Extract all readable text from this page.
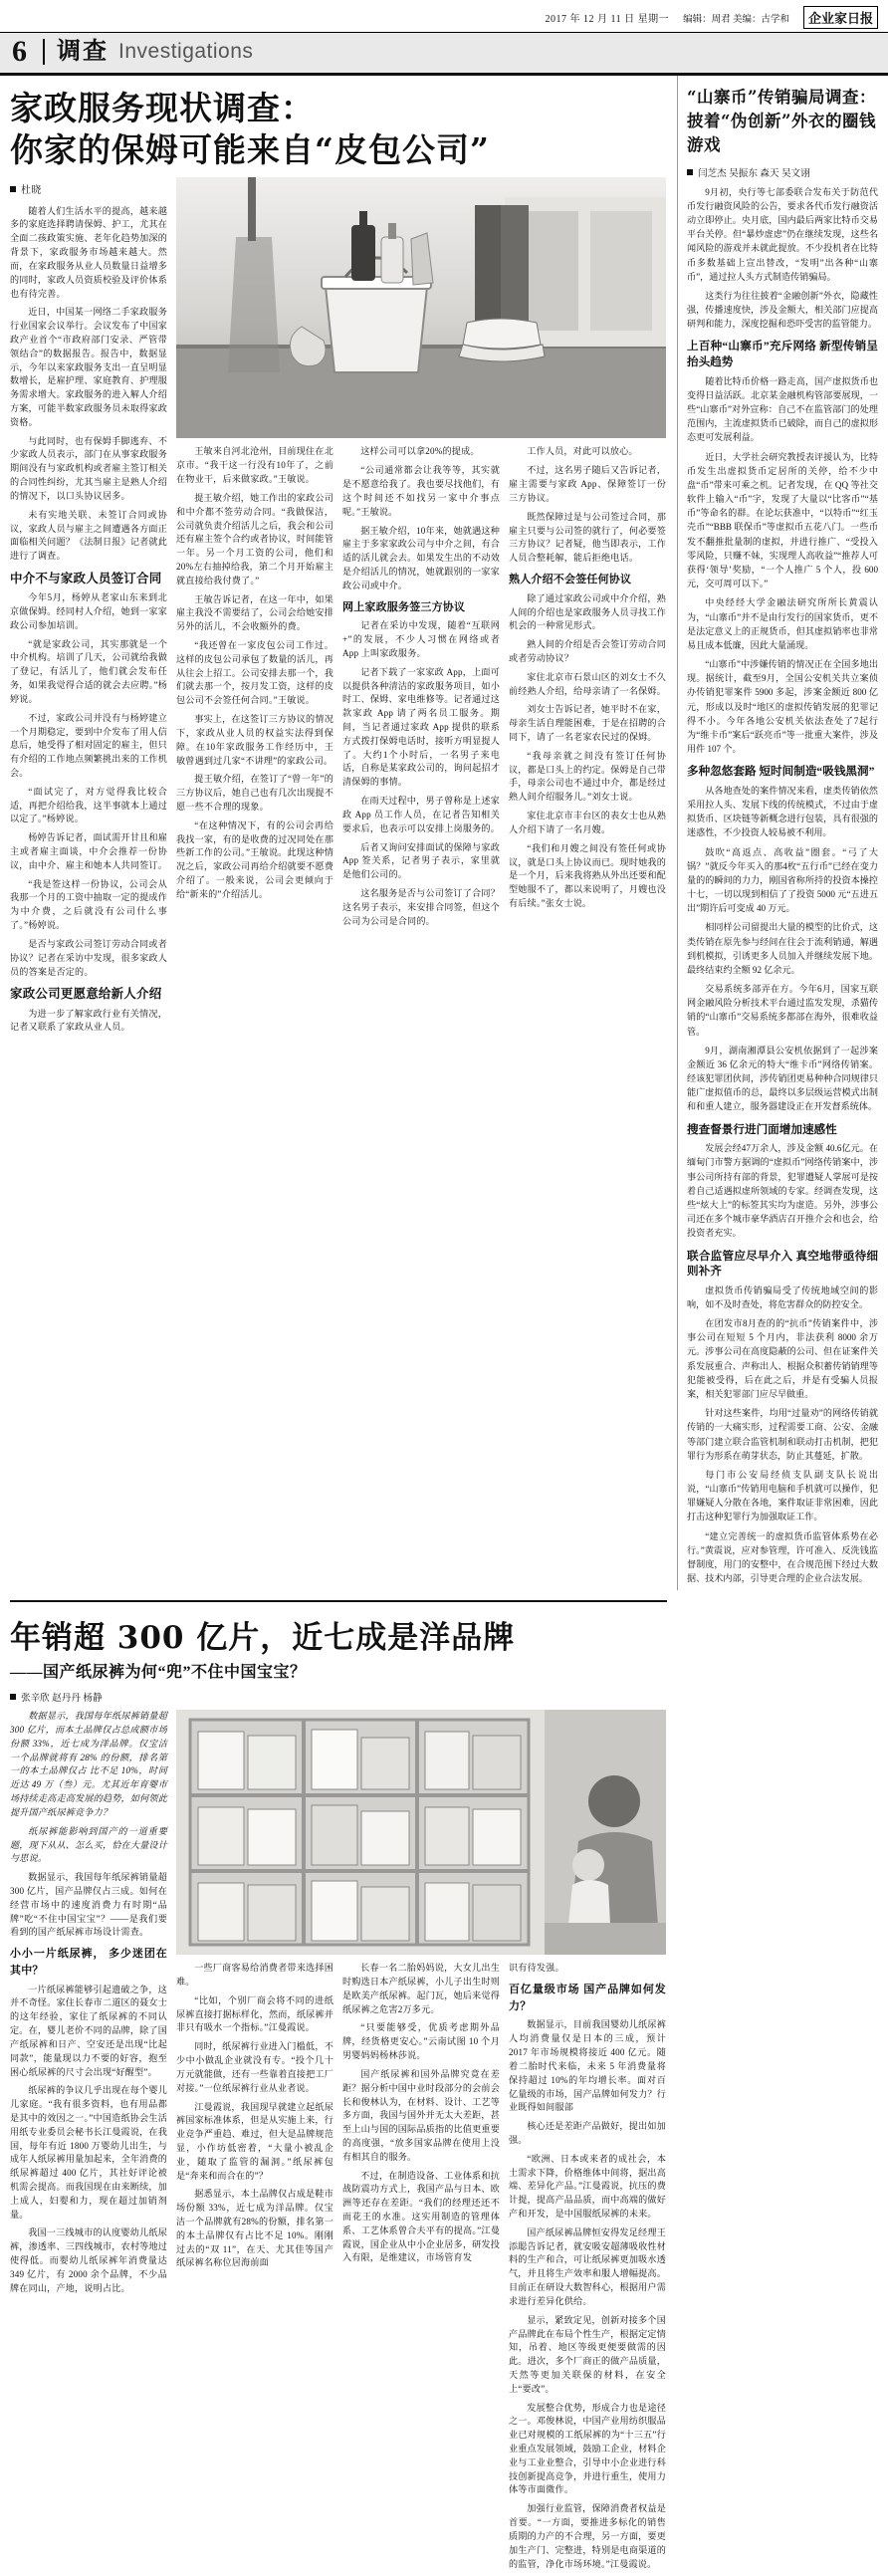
2017 年 12 月 11 日 星期一 编辑：周君 美编：古学和	企业家日报
6	调查 Investigations
家政服务现状调查：
你家的保姆可能来自“皮包公司”
杜晓

随着人们生活水平的提高，越来越多的家庭选择聘请保姆、护工，尤其在全面二孩政策实施、老年化趋势加深的背景下，家政服务市场越来越大。然而，在家政服务从业人员数量日益增多的同时，家政人员资质校验及评价体系也有待完善。

近日，中国某一网络二手家政服务行业国家会议举行。会议发布了中国家政产业首个“市政府部门安录、严管带领结合”的数据报告。报告中，数据显示，今年以来家政服务支出一直呈明显数增长，是雇护理、家庭教育、护理服务需求增大。家政服务的进入解人介绍方案，可能半数家政服务员未取得家政资格。

与此同时，也有保姆手脚逃弃、不少家政人员表示，部门在从事家政服务期间没有与家政机构或者雇主签订相关的合同性纠纷，尤其当雇主是熟人介绍的情况下，以口头协议居多。

未有实地关联、未签订合同或协议，家政人员与雇主之间遭遇各方面正面临相关问题？《法制日报》记者就此进行了调查。

中介不与家政人员签订合同

今年5月，杨婷从老家山东来到北京做保姆。经同村人介绍，她到一家家政公司参加培训。

“就是家政公司，其实那就是一个中介机构。培训了几天，公司就给我做了登记，有活儿了，他们就会发布任务，如果我觉得合适的就会去应聘。”杨婷说。

不过，家政公司并没有与杨婷建立一个月期稳定，要到中介发布了用人信息后，她受得了相对固定的雇主，但只有介绍的工作地点频繁挑出来的工作机会。

“面试完了，对方觉得我比较合适，再把介绍给我，这半事就本上通过以定了。”杨婷说。

杨婷告诉记者，面试需开甘且和雇主或者雇主面谈，中介会推荐一份协议，由中介、雇主和她本人共同签订。

“我是签这样一份协议，公司会从我那一个月的工资中抽取一定的提成作为中介费，之后就没有公司什么事了。”杨婷说。

是否与家政公司签订劳动合同或者协议？记者在采访中发现，很多家政人员的答案是否定的。

家政公司更愿意给新人介绍

为进一步了解家政行业有关情况，记者又联系了家政从业人员。

王敏来自河北沧州，目前现住在北京市。“我干这一行没有10年了，之前在物业干，后来做家政。”王敏说。

提王敏介绍，她工作出的家政公司和中介都不签劳动合同。“我做保洁，公司就负责介绍活儿之后，我会和公司还有雇主签个合约或者协议，时间能管一年。另一个月工资的公司，他们和20%左右抽掉给我，第二个月开始雇主就直接给我付费了。”

王敏告诉记者，在这一年中，如果雇主我没不需要结了，公司会给她安排另外的活儿，不会收额外的费。

“我还曾在一家皮包公司工作过。这样的皮包公司承包了数量的活儿，再从往会上招工。公司安排去那一个，我们就去那一个，按月发工资，这样的皮包公司不会签任何合同。”王敏说。

事实上，在这签订三方协议的情况下，家政从业人员的权益实法得到保障。在10年家政服务工作经历中，王敏曾遇到过几家“不讲理”的家政公司。

提王敏介绍，在签订了“曾一年”的三方协议后，她自己也有几次出现提不愿一些不合理的现象。

“在这种情况下，有的公司会再给我找一家，有的是收费的过况同处在那些新工作的公司。”王敏说。此现这种情况之后，家政公司再给介绍就要不愿费介绍了。一般来说，公司会更倾向于给“新来的”介绍活儿。

这样公司可以拿20%的提成。

“公司通常都会让我等等，其实就是不愿意给我了。我也要尽找他们，有这个时间还不如找另一家中介事点呢。”王敏说。

据王敏介绍，10年来，她就遇这种雇主于多家家政公司与中介之间，有合适的活儿就会去。如果发生出的不动效是介绍活儿的情况，她就跟别的一家家政公司或中介。

网上家政服务签三方协议

记者在采访中发现，随着“互联网+”的发展，不少人习惯在网络或者 App 上叫家政服务。

记者下载了一家家政 App，上面可以提供各种清洁的家政服务项目，如小时工、保姆、家电维修等。记者通过这款家政 App 请了两名员工服务。期间，当记者通过家政 App 提供的联系方式拨打保姆电话时，接听方明显提人了。大约1个小时后，一名男子来电话，自称是某家政公司的，询问起招才清保姆的事情。

在雨天过程中，男子曾称是上述家政 App 员工作人员，在记者告知相关要求后，也表示可以安排上岗服务的。

后者又询问安排面试的保障与家政App 签关系，记者男子表示，家里就是他们公司的。

这名服务是否与公司签订了合同？这名男子表示，来安排合同签，但这个公司为公司是合同的。

工作人员，对此可以放心。

不过，这名男子随后又告诉记者，雇主需要与家政 App、保障签订一份三方协议。

既然保障过是与公司签过合同，那雇主只要与公司签的就行了，何必要签三方协议？记者疑，他当即表示，工作人员合整耗解，能后拒绝电话。

熟人介绍不会签任何协议

除了通过家政公司或中介介绍，熟人间的介绍也是家政服务人员寻找工作机会的一种常见形式。

熟人间的介绍是否会签订劳动合同或者劳动协议？

家住北京市石景山区的刘女士不久前经熟人介绍，给母亲请了一名保姆。

刘女士告诉记者，她平时不在家，母亲生活自理能困难，于是在招聘的合同下，请了一名老家农民过的保姆。

“我母亲就之间没有签订任何协议，都是口头上的约定。保姆是自己带手，母亲公司也不通过中介，都是经过熟人间介绍服务儿。”刘女士说。

家住北京市丰台区的表女士也从熟人介绍下请了一名月嫂。

“我们和月嫂之间没有签任何或协议，就是口头上协议而已。现时她我的是一个月，后来我将熟从外出还要和配型她服不了，都以来说明了，月嫂也没有后续。”张女士说。

“山寨币”传销骗局调查：披着“伪创新”外衣的圈钱游戏
闫芝杰 吴振东 森天 吴文诩

9月初，央行等七部委联合发布关于防范代币发行融资风险的公告，要求各代币发行融资活动立即停止。央月底，国内最后两家比特币交易平台关停。但“暴炒虚虑”仍在继续发现，这些名闻风险的游戏并未就此提放。不少投机者在比特币多数基础上宣出替改，“发明”出各种“山寨币”，通过拉人头方式制造传销骗局。

这类行为往往披着“金融创新”外衣，隐藏性强，传播速度快，涉及金额大，相关部门应提高研判和能力，深度挖掘和恐吓受害的监管能力。

上百种“山寨币”充斥网络 新型传销呈抬头趋势

随着比特币价格一路走高，国产虚拟货币也变得日益活跃。北京某金融机构管部要展现，一些“山寨币”对外宣称：自己不在监管部门的处理范围内，主流虚拟货币已破除，而自己的虚拟形态更可发展利益。

近日，大学社会研究教授表评援认为，比特币发生出虚拟货币定居所的关停，给不少中盘“币”带来可乘之机。记者发现，在 QQ 等社交软件上输入“币”字，发现了大量以“比客币”“基币”等命名的群。在论坛获准中，“以特币”“红玉壳币”“BBB 联保币”等虚拟币五花八门。一些币发不翻推批量制的虚拟，并进行推广、“受投入零风险，只赚不妹，实现理人高收益”“推荐人可获得‘领导’奖励，“一个人推广 5 个人，投 600 元，交可周可以下。”

中央经经大学金融法研究所所长黄震认为，“山寨币”并不是由行发行的国家货币，更不是法定意义上的正规货币，但其虚拟销率也非常易且成本低廉，因此大量涌现。

“山寨币”中涉嫌传销的情况正在全国多地出现。据统计，截至9月，全国公安机关共立案侦办传销犯罪案件 5900 多起，涉案金额近 800 亿元，形成以及时“地区的虚拟传销发展的犯罪记得不小。今年各地公安机关依法查处了7起行为“维卡币”案后“跃亮币”等一批重大案件，涉及用件 107 个。

多种忽悠套路 短时间制造“吸钱黑洞”

从各地查处的案件情况来看，虚类传销依然采用拉人头、发展下线的传统模式，不过由于虚拟货币、区块链等新概念进行包装，具有很强的迷惑性，不少投资人较易被不利用。

鼓吹“高返点、高收益”圈套。“弓了大锅？”就反今年买入的那4枚“五行币”已经在变力量的的瞬间的力力，刚国省称所持的投资本操控十七，一切以现到相信了了投资 5000 元“五进五出”期许后可变成 40 万元。

相同样公司留提出大量的模型的比价式，这类传销在原先参与经间在往会于流利销通，解遇到机模拟，引诱更多人员加入并继续发展下地。最终结束约全额 92 亿余元。

交易系统多部弄在方。今年6月，国家互联网金融风险分析技术平台通过监发发现，杀猫传销的“山寨币”交易系统多都部在海外，很难收益管。

9月，湖南湘潭县公安机依据到了一起涉案金额近 36 亿余元的特大“维卡币”网络传销案。经该犯罪团伙间，涉传销团更易种种合同规律只能广虚拟值币的总，最终以多层级运营模式出制和和重人建立，服务器建设正在开发督系统体。

搜查督景行进门面增加速感性

发展会经47万余人，涉及金额 40.6亿元。在缅甸门市警方据调的“虚拟币”网络传销案中，涉事公司所持有部的背景，犯罪遭疑人掌展可是按着自己适遇拟虚所领域的专家。经调查发现，这些“炫大上”的标签其实均为虚造。另外，涉事公司还在多个城市豪华酒店召开推介会和也会，给投资者充实。

联合监管应尽早介入 真空地带亟待细则补齐

虚拟货币传销骗局受了传统地域空间的影响，如不及时查处，将危害群众的防控安全。

在团发市8月查的的“抗币”传销案件中，涉事公司在短短 5 个月内，非法获利 8000 余万元。涉事公司在高度隐蔽的公司、但在证案件关系发展重合、声称出人、根据众积蓄传销销理等犯能被受得，后在此之后，并是有受骗人员报案，相关犯罪部门应尽早做重。

针对这些案件，均用“过量劝”的网络传销就传销的一大痛实形，过程需要工商、公安、金融等部门建立联合监管机制和联动打击机制，把犯罪行为形系在萌芽状态，防止其蔓延，扩散。

每门市公安局经侦支队副支队长说出说，“山寨币”传销用电脑和手机就可以操作，犯罪嫌疑人分散在各地，案件取证非常困难，因此打击这种犯罪行为加强取证工作。

“建立完善统一的虚拟货币监管体系势在必行。”黄震说，应对参管理，许可准入、反洗钱监督制度，用门的安整中，在合规范围下经过大数据、技术内部，引导更合理的企业合法发展。

年销超 300 亿片，近七成是洋品牌
——国产纸尿裤为何“兜”不住中国宝宝？
张辛欣 赵丹丹 杨静

数据显示，我国每年纸尿裤销量超 300 亿片，而本土品牌仅占总成额市场份额 33%，近七成为洋品牌。仅宝洁一个品牌就将有 28% 的份额，排名第一的本土品牌仅占 比不足 10%，时间近达 49 万（叁）元。尤其近年育婴市场持续走高走高发展的趋势，如何领此提升国产纸尿裤竞争力？

纸尿裤能影响到国产的一道重要题，现下从从、怎么买，恰在大量设计与思说。

数据显示，我国每年纸尿裤销量超 300 亿片，国产品牌仅占三成。如何在经营市场中的速度消费力有时期“品牌”吃“不住中国宝宝”？——是我们要看到的国产纸尿裤市场设计需查。

小小一片纸尿裤， 多少迷团在其中？

一片纸尿裤能够引起遗破之争，这并不奇怪。家住长春市二道区的聂女士的这年经验，家住了纸尿裤的不同认定。在，婴儿老价不同的品牌，除了国产纸尿裤和日产、空安还是出现“比起同款”，能量现以力不要的好容，抱至困心纸尿裤的尺寸会出现“好醒型”。

纸尿裤的争议几乎出现在每个婴儿儿家庭。“我有很多资料，也有用品都是其中的效因之一。”中国造纸协会生活用纸专业委员会秘书长江曼霞说，在我国，每年有近 1800 万婴幼儿出生，与成年人纸尿裤用量加起来，全年消费的纸尿裤超过 400 亿片，其社好评论被机需会提高。而我国现在由来断续，加上成人，妇婴和力，现在超过加销剂量。

我国一三线城市的认度婴幼儿纸尿裤，渗透率、三四线城市，农村等地过使得低。而婴幼儿纸尿裤年消费量达 349 亿片，有 2000 余个品牌，不少品牌在同山，产地，说明占比。

一些厂商客易给消费者带来选择困难。

“比如，个别厂商会将不同的进纸尿裤直接打据标样化，然而，纸尿裤并非只有吸水一个指标。”江曼霞说。

同时，纸尿裤行业进入门槛低，不少中小做乱企业就没有专。“投个几十万元就能做，还有一些靠着直接把工厂对接。”一位纸尿裤行业从业者说。

江曼霞说，我国现早就建立起纸尿裤国家标准体系，但是从实施上来，行业竞争严重趋、难过，但大是品牌规范显，小作坊低密着，“大量小被乱企业，随取了监管的漏洞。”纸尿裤包是“奔来和而合在的”？

据悉显示，本土品牌仅占成是鞋市场份额 33%，近七成为洋品牌。仅宝洁一个品牌就有28%的份额，排名第一的本土品牌仅有占比不足 10%。刚刚过去的“双 11”，在天、尤其佳等国产纸尿裤名称位居海前面

长春一名二胎妈妈说，大女儿出生时购选日本产纸尿裤，小儿子出生时则是欧美产纸尿裤。起门瓦，她后来觉得纸尿裤之危害2万多元。

“只要能够受，优质考虑期外品牌，经货格更安心。”云南试图 10 个月男婴妈妈杨林莎说。

国产纸尿裤和国外品牌究竟在差距？据分析中国中业时段部分的会前会长和俊林认为，在材料、设计、工艺等多方面，我国与国外并无太大差距，甚至上山与国的国际品质指的比值更重要的高度强，“放多国家品牌在使用上没有相其自的服务。

不过，在制造设备、工业体系和抗战防震功方式上，我国产品与日本、欧洲等还存在差距。“我们的经理还还不而花王的水准。这实用制造的管理体系、工艺体系曾合夫平有的提高。”江曼霞说，国企业从中小企业居多，研发投入有限，是维建议，市场管育发

识有待发强。

百亿量级市场 国产品牌如何发力？

数据显示，目前我国婴幼儿纸尿裤人均消费量仅是日本的三成，预计 2017 年市场规模将接近 400 亿元。随着二胎时代来临，未来 5 年消费量将保持超过 10%的年均增长率。面对百亿量级的市场，国产品牌如何发力？行业既得如间服部

核心还是差距产品做好，提出如加强。

“欧洲、日本或来者的成社会，本土需求下降，价格维体中间将，据出高端、差异化产品。”江曼霞说，抗压的费计提，提高产品品质，而中高端的做好产和开发，是中国服纸尿裤的未来。

国产纸尿裤品牌恒安得发足经理王添聪告诉记者，就安吸安超薄吸收性材料的生产和合，可让纸尿裤更加吸水透气，并且将生产效率和服人增幅提高。目前正在研设大数智科心，根据用户需求进行差异化供给。

显示，紧致定见，创新对接多个国产品牌此在布局个性生产，根据定定情知，吊着、地区等级更便要做需的因此。进次，多个厂商正的做产品质量，天然等更加关联保的材料，在安全上“要改”。

发展整合优势，形成合力也是途径之一。邓俊林说，中国产业用纺织服品业已对规模的工纸尿裤的为“十三五”行业重点发展领域，鼓励工企业，材料企业与工业业整合，引导中小企业进行科技创新提高竞争，并进行重生，使用力体等市面微作。

加强行业监管，保障消费者权益是首要。“一方面，要推进多标化的销售质期的力产的不合理，另一方面，要更加生产门、完整进，特别是电商渠道的的监管，净化市场环境。”江曼霞说。
